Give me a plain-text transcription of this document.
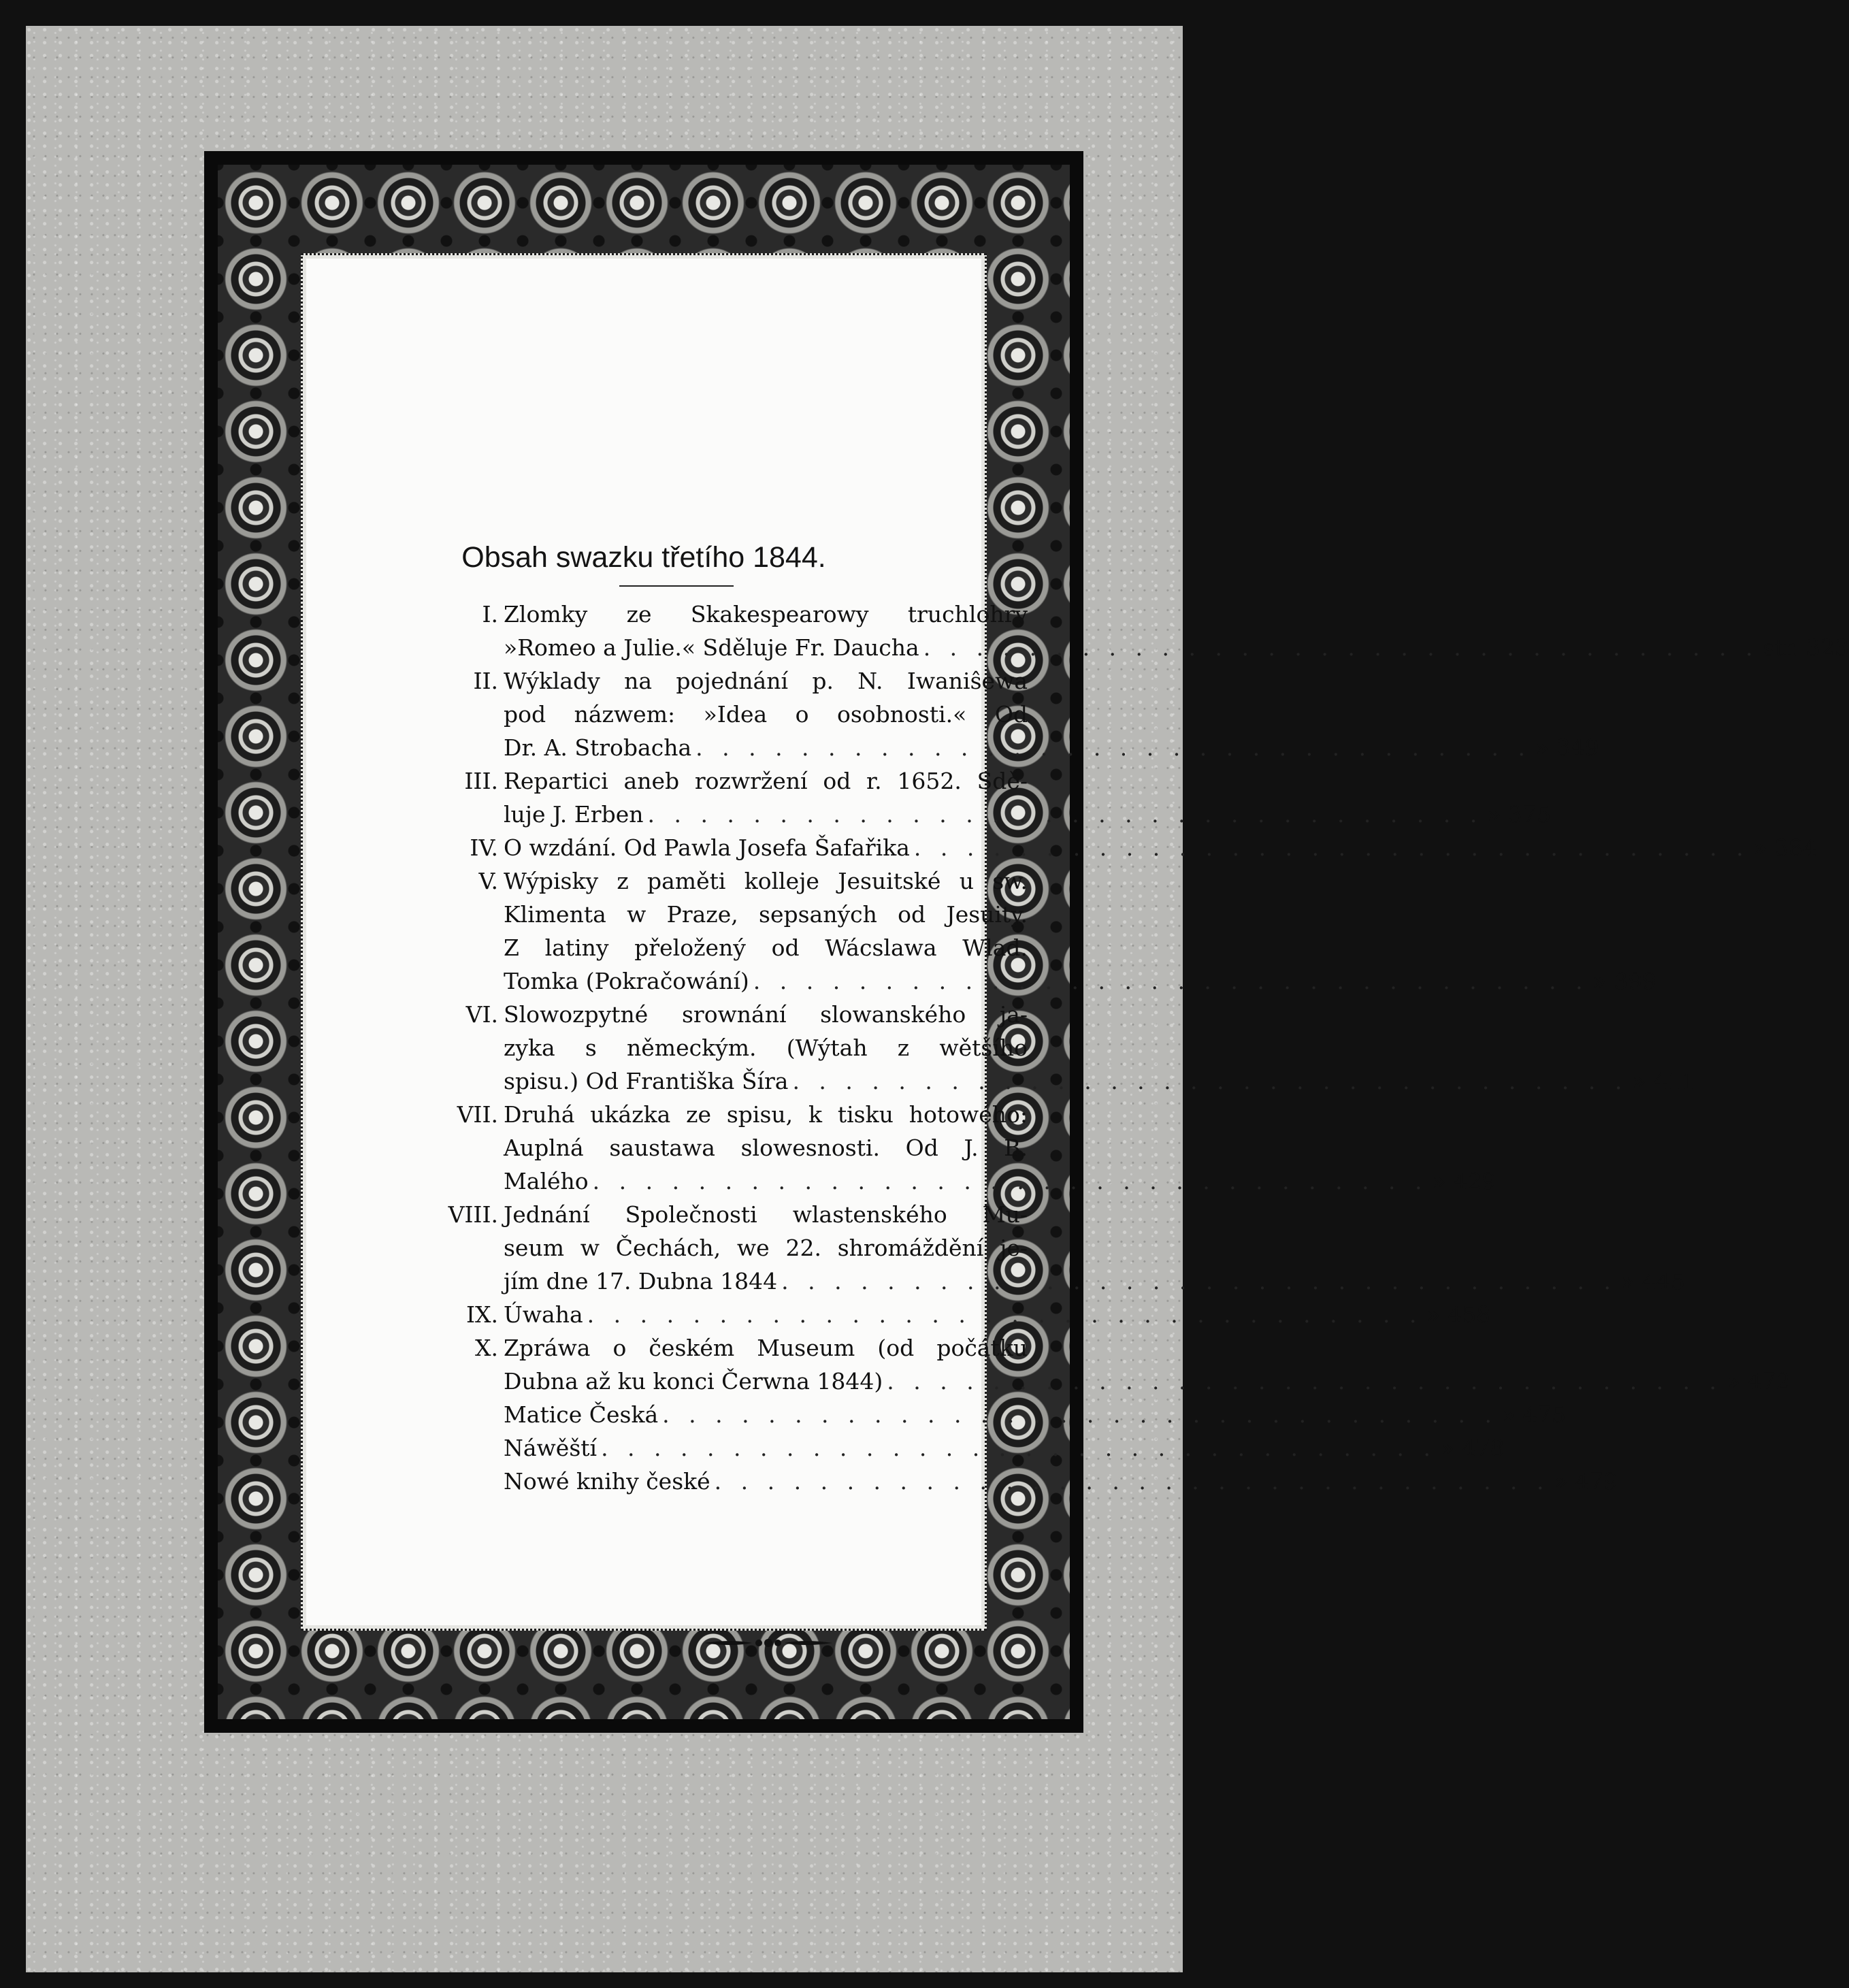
Obsah swazku třetího 1844.
I. Zlomky ze Skakespearowy truchlohry
»Romeo a Julie.« Sděluje Fr. Daucha . . . . . . . . . . . . . . . . . . . . . . . . . . . . . . . . str. 323
II. Wýklady na pojednání p. N. Iwaniŝewa
pod názwem: »Idea o osobnosti.« Od
Dr. A. Strobacha . . . . . . . . . . . . . . . . . . . . . . . . . . . . . . . . » 349
III. Repartici aneb rozwržení od r. 1652. Sdě-
luje J. Erben . . . . . . . . . . . . . . . . . . . . . . . . . . . . . . . . » 375
IV. O wzdání. Od Pawla Josefa Šafařika . . . . . . . . . . . . . . . . . . . . . . . . . . . . . . . . » 384
V. Wýpisky z paměti kolleje Jesuitské u sw.
Klimenta w Praze, sepsaných od Jesuity.
Z latiny přeložený od Wácslawa Wlad.
Tomka (Pokračowání) . . . . . . . . . . . . . . . . . . . . . . . . . . . . . . . . » 399
VI. Slowozpytné srownání slowanského ja-
zyka s německým. (Wýtah z wětšího
spisu.) Od Františka Šíra . . . . . . . . . . . . . . . . . . . . . . . . . . . . . . . . » 411
VII. Druhá ukázka ze spisu, k tisku hotowého:
Auplná saustawa slowesnosti. Od J. B.
Malého . . . . . . . . . . . . . . . . . . . . . . . . . . . . . . . . » 429
VIII. Jednání Společnosti wlastenského Mu-
seum w Čechách, we 22. shromáždění je-
jím dne 17. Dubna 1844 . . . . . . . . . . . . . . . . . . . . . . . . . . . . . . . . » 445
IX. Úwaha . . . . . . . . . . . . . . . . . . . . . . . . . . . . . . . . » 458
X. Zpráwa o českém Museum (od počátku
Dubna až ku konci Čerwna 1844) . . . . . . . . . . . . . . . . . . . . . . . . . . . . . . . . » 472
Matice Česká . . . . . . . . . . . . . . . . . . . . . . . . . . . . . . . . » 475
Náwěští . . . . . . . . . . . . . . . . . . . . . . . . . . . . . . . . » 478
Nowé knihy české . . . . . . . . . . . . . . . . . . . . . . . . . . . . . . . . » 479
